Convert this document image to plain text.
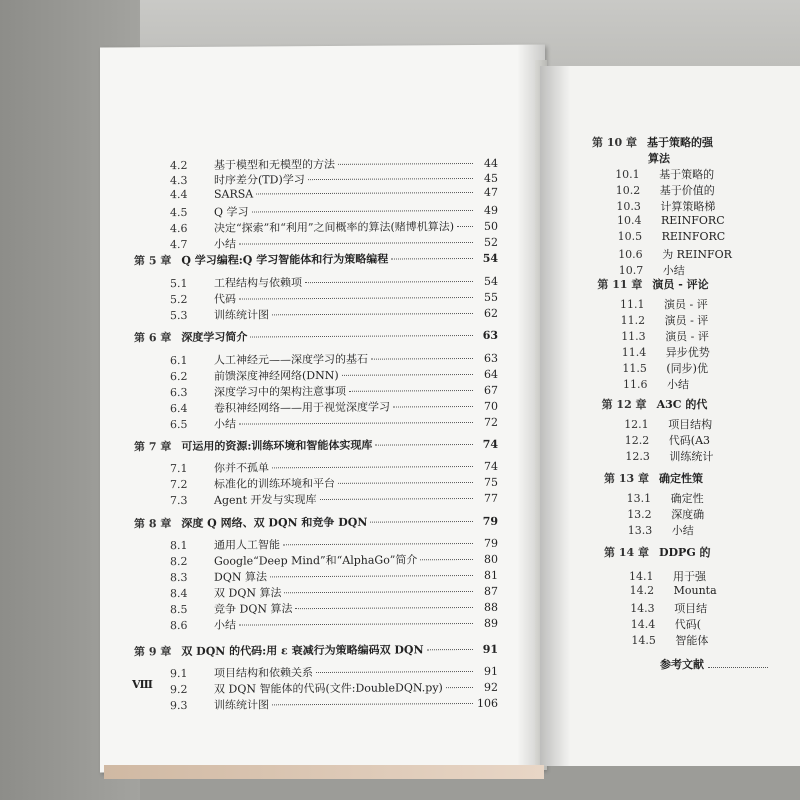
4.2	基于模型和无模型的方法	44
4.3	时序差分(TD)学习	45
4.4	SARSA	47
4.5	Q 学习	49
4.6	决定“探索”和“利用”之间概率的算法(赌博机算法)	50
4.7	小结	52
第 5 章 Q 学习编程:Q 学习智能体和行为策略编程	54
5.1	工程结构与依赖项	54
5.2	代码	55
5.3	训练统计图	62
第 6 章 深度学习简介	63
6.1	人工神经元——深度学习的基石	63
6.2	前馈深度神经网络(DNN)	64
6.3	深度学习中的架构注意事项	67
6.4	卷积神经网络——用于视觉深度学习	70
6.5	小结	72
第 7 章 可运用的资源:训练环境和智能体实现库	74
7.1	你并不孤单	74
7.2	标准化的训练环境和平台	75
7.3	Agent 开发与实现库	77
第 8 章 深度 Q 网络、双 DQN 和竞争 DQN	79
8.1	通用人工智能	79
8.2	Google“Deep Mind”和“AlphaGo”简介	80
8.3	DQN 算法	81
8.4	双 DQN 算法	87
8.5	竞争 DQN 算法	88
8.6	小结	89
第 9 章 双 DQN 的代码:用 ε 衰减行为策略编码双 DQN	91
9.1	项目结构和依赖关系	91
9.2	双 DQN 智能体的代码(文件:DoubleDQN.py)	92
9.3	训练统计图	106
第 10 章 基于策略的强
算法
10.1	基于策略的
10.2	基于价值的
10.3	计算策略梯
10.4	REINFORC
10.5	REINFORC
10.6	为 REINFOR
10.7	小结
第 11 章 演员 - 评论
11.1	演员 - 评
11.2	演员 - 评
11.3	演员 - 评
11.4	异步优势
11.5	(同步)优
11.6	小结
第 12 章 A3C 的代
12.1	项目结构
12.2	代码(A3
12.3	训练统计
第 13 章 确定性策
13.1	确定性
13.2	深度确
13.3	小结
第 14 章 DDPG 的
14.1	用于强
14.2	Mounta
14.3	项目结
14.4	代码(
14.5	智能体
参考文献
Ⅷ
